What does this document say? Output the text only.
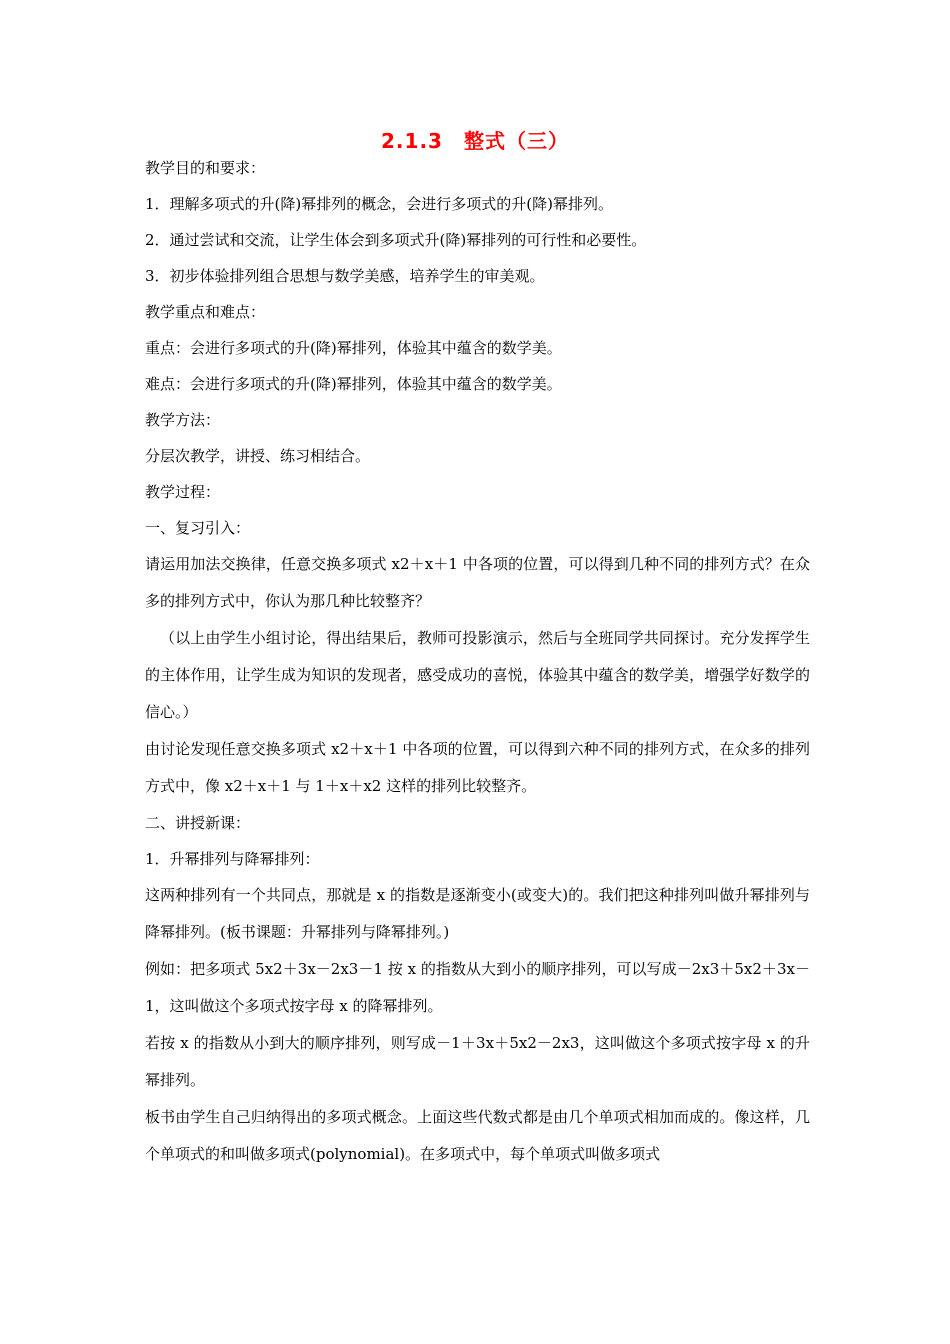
2.1.3　整式（三）

教学目的和要求：

1．理解多项式的升(降)幂排列的概念，会进行多项式的升(降)幂排列。

2．通过尝试和交流，让学生体会到多项式升(降)幂排列的可行性和必要性。

3．初步体验排列组合思想与数学美感，培养学生的审美观。

教学重点和难点：

重点：会进行多项式的升(降)幂排列，体验其中蕴含的数学美。

难点：会进行多项式的升(降)幂排列，体验其中蕴含的数学美。

教学方法：

分层次教学，讲授、练习相结合。

教学过程：

一、复习引入：

请运用加法交换律，任意交换多项式 x2＋x＋1 中各项的位置，可以得到几种不同的排列方式？在众多的排列方式中，你认为那几种比较整齐？

（以上由学生小组讨论，得出结果后，教师可投影演示，然后与全班同学共同探讨。充分发挥学生的主体作用，让学生成为知识的发现者，感受成功的喜悦，体验其中蕴含的数学美，增强学好数学的信心。）

由讨论发现任意交换多项式 x2＋x＋1 中各项的位置，可以得到六种不同的排列方式，在众多的排列方式中，像 x2＋x＋1 与 1＋x＋x2 这样的排列比较整齐。

二、讲授新课：

1．升幂排列与降幂排列：

这两种排列有一个共同点，那就是 x 的指数是逐渐变小(或变大)的。我们把这种排列叫做升幂排列与降幂排列。(板书课题：升幂排列与降幂排列。)

例如：把多项式 5x2＋3x－2x3－1 按 x 的指数从大到小的顺序排列，可以写成－2x3＋5x2＋3x－1，这叫做这个多项式按字母 x 的降幂排列。

若按 x 的指数从小到大的顺序排列，则写成－1＋3x＋5x2－2x3，这叫做这个多项式按字母 x 的升幂排列。

板书由学生自己归纳得出的多项式概念。上面这些代数式都是由几个单项式相加而成的。像这样，几个单项式的和叫做多项式(polynomial)。在多项式中，每个单项式叫做多项式
